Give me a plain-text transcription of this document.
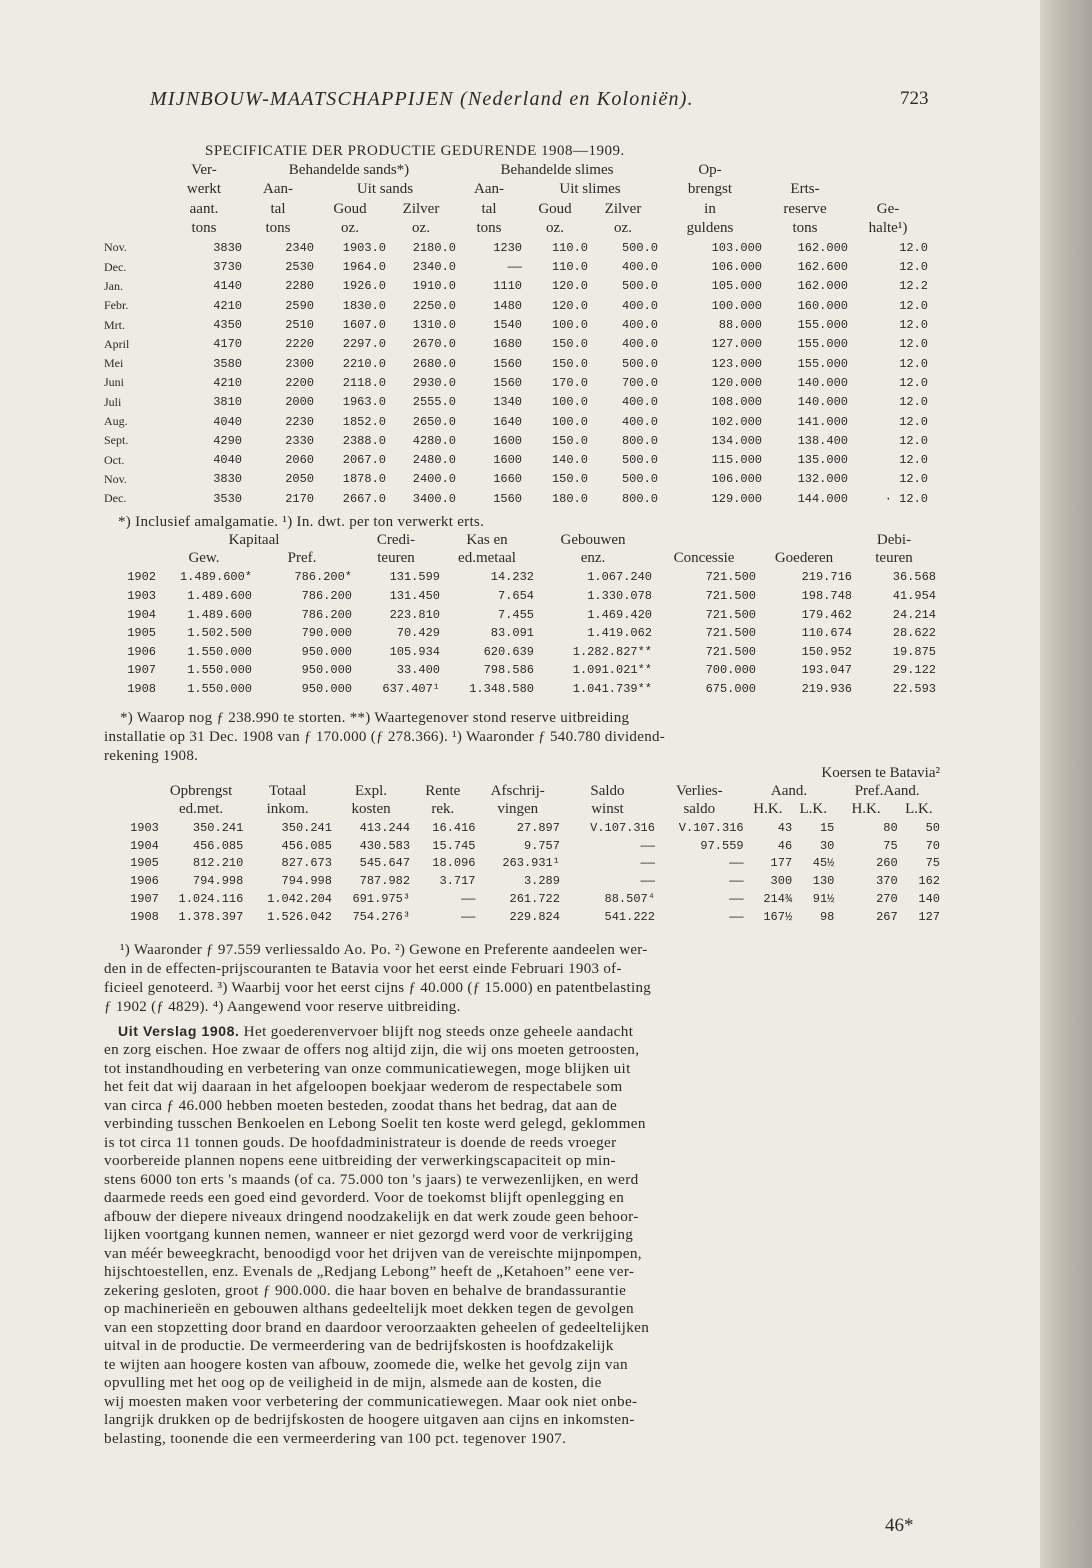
MIJNBOUW-MAATSCHAPPIJEN (Nederland en Koloniën).	723
SPECIFICATIE DER PRODUCTIE GEDURENDE 1908—1909.
	Ver-	Behandelde sands*)			Behandelde slimes			Op-		
	werkt	Aan-	Uit sands		Aan-	Uit slimes		brengst	Erts-	
	aant.	tal	Goud	Zilver	tal	Goud	Zilver	in	reserve	Ge-
	tons	tons	oz.	oz.	tons	oz.	oz.	guldens	tons	halte¹)
Nov.	3830	2340	1903.0	2180.0	1230	110.0	500.0	103.000	162.000	12.0
Dec.	3730	2530	1964.0	2340.0	——	110.0	400.0	106.000	162.600	12.0
Jan.	4140	2280	1926.0	1910.0	1110	120.0	500.0	105.000	162.000	12.2
Febr.	4210	2590	1830.0	2250.0	1480	120.0	400.0	100.000	160.000	12.0
Mrt.	4350	2510	1607.0	1310.0	1540	100.0	400.0	88.000	155.000	12.0
April	4170	2220	2297.0	2670.0	1680	150.0	400.0	127.000	155.000	12.0
Mei	3580	2300	2210.0	2680.0	1560	150.0	500.0	123.000	155.000	12.0
Juni	4210	2200	2118.0	2930.0	1560	170.0	700.0	120.000	140.000	12.0
Juli	3810	2000	1963.0	2555.0	1340	100.0	400.0	108.000	140.000	12.0
Aug.	4040	2230	1852.0	2650.0	1640	100.0	400.0	102.000	141.000	12.0
Sept.	4290	2330	2388.0	4280.0	1600	150.0	800.0	134.000	138.400	12.0
Oct.	4040	2060	2067.0	2480.0	1600	140.0	500.0	115.000	135.000	12.0
Nov.	3830	2050	1878.0	2400.0	1660	150.0	500.0	106.000	132.000	12.0
Dec.	3530	2170	2667.0	3400.0	1560	180.0	800.0	129.000	144.000	· 12.0
*) Inclusief amalgamatie. ¹) In. dwt. per ton verwerkt erts.
	Kapitaal		Credi-	Kas en	Gebouwen			Debi-
	Gew.	Pref.	teuren	ed.metaal	enz.	Concessie	Goederen	teuren
1902	1.489.600*	786.200*	131.599	14.232	1.067.240	721.500	219.716	36.568
1903	1.489.600	786.200	131.450	7.654	1.330.078	721.500	198.748	41.954
1904	1.489.600	786.200	223.810	7.455	1.469.420	721.500	179.462	24.214
1905	1.502.500	790.000	70.429	83.091	1.419.062	721.500	110.674	28.622
1906	1.550.000	950.000	105.934	620.639	1.282.827**	721.500	150.952	19.875
1907	1.550.000	950.000	33.400	798.586	1.091.021**	700.000	193.047	29.122
1908	1.550.000	950.000	637.407¹	1.348.580	1.041.739**	675.000	219.936	22.593
*) Waarop nog ƒ 238.990 te storten. **) Waartegenover stond reserve uitbreiding
installatie op 31 Dec. 1908 van ƒ 170.000 (ƒ 278.366). ¹) Waaronder ƒ 540.780 dividend-
rekening 1908.
								Koersen te Batavia²			
	Opbrengst	Totaal	Expl.	Rente	Afschrij-	Saldo	Verlies-	Aand.		Pref.Aand.	
	ed.met.	inkom.	kosten	rek.	vingen	winst	saldo	H.K.	L.K.	H.K.	L.K.
1903	350.241	350.241	413.244	16.416	27.897	V.107.316	V.107.316	43	15	80	50
1904	456.085	456.085	430.583	15.745	9.757	——	97.559	46	30	75	70
1905	812.210	827.673	545.647	18.096	263.931¹	——	——	177	45½	260	75
1906	794.998	794.998	787.982	3.717	3.289	——	——	300	130	370	162
1907	1.024.116	1.042.204	691.975³	——	261.722	88.507⁴	——	214¾	91½	270	140
1908	1.378.397	1.526.042	754.276³	——	229.824	541.222	——	167½	98	267	127
¹) Waaronder ƒ 97.559 verliessaldo Ao. Po. ²) Gewone en Preferente aandeelen wer-
den in de effecten-prijscouranten te Batavia voor het eerst einde Februari 1903 of-
ficieel genoteerd. ³) Waarbij voor het eerst cijns ƒ 40.000 (ƒ 15.000) en patentbelasting
ƒ 1902 (ƒ 4829). ⁴) Aangewend voor reserve uitbreiding.
Uit Verslag 1908. Het goederenvervoer blijft nog steeds onze geheele aandacht

en zorg eischen. Hoe zwaar de offers nog altijd zijn, die wij ons moeten getroosten,

tot instandhouding en verbetering van onze communicatiewegen, moge blijken uit

het feit dat wij daaraan in het afgeloopen boekjaar wederom de respectabele som

van circa ƒ 46.000 hebben moeten besteden, zoodat thans het bedrag, dat aan de

verbinding tusschen Benkoelen en Lebong Soelit ten koste werd gelegd, geklommen

is tot circa 11 tonnen gouds. De hoofdadministrateur is doende de reeds vroeger

voorbereide plannen nopens eene uitbreiding der verwerkingscapaciteit op min-

stens 6000 ton erts 's maands (of ca. 75.000 ton 's jaars) te verwezenlijken, en werd

daarmede reeds een goed eind gevorderd. Voor de toekomst blijft openlegging en

afbouw der diepere niveaux dringend noodzakelijk en dat werk zoude geen behoor-

lijken voortgang kunnen nemen, wanneer er niet gezorgd werd voor de verkrijging

van méér beweegkracht, benoodigd voor het drijven van de vereischte mijnpompen,

hijschtoestellen, enz. Evenals de „Redjang Lebong” heeft de „Ketahoen” eene ver-

zekering gesloten, groot ƒ 900.000. die haar boven en behalve de brandassurantie

op machinerieën en gebouwen althans gedeeltelijk moet dekken tegen de gevolgen

van een stopzetting door brand en daardoor veroorzaakten geheelen of gedeeltelijken

uitval in de productie. De vermeerdering van de bedrijfskosten is hoofdzakelijk

te wijten aan hoogere kosten van afbouw, zoomede die, welke het gevolg zijn van

opvulling met het oog op de veiligheid in de mijn, alsmede aan de kosten, die

wij moesten maken voor verbetering der communicatiewegen. Maar ook niet onbe-

langrijk drukken op de bedrijfskosten de hoogere uitgaven aan cijns en inkomsten-

belasting, toonende die een vermeerdering van 100 pct. tegenover 1907.

46*
